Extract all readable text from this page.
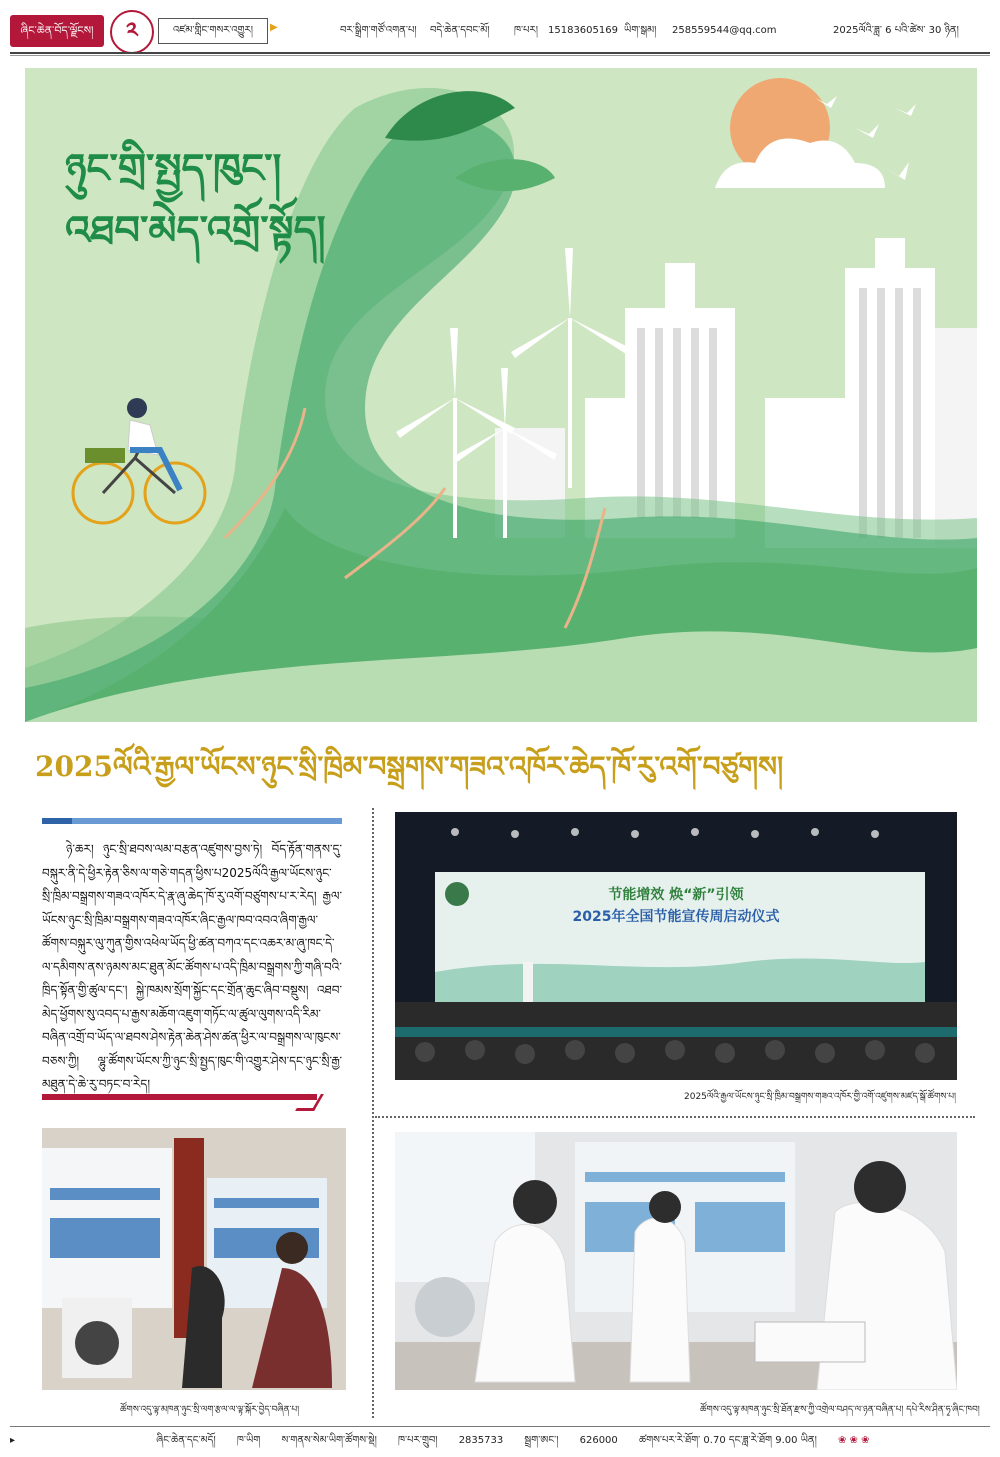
ཞིང་ཆེན་བོད་ལྗོངས།	༢	འཛམ་གླིང་གསར་འགྱུར།	▶	བར་སྒྲིག་གཙོ་འགན་པ། བདེ་ཆེན་དབང་མོ། ཁ་པར། 15183605169 ཡིག་སྒམ། 258559544@qq.com	2025ལོའི་ཟླ་ 6 པའི་ཚེས་ 30 ཉིན།
ཉུང་གྲི་སྤྱད་ཁུང་།
འཐབ་མེད་འགྲོ་སྟོད།
2025ལོའི་རྒྱལ་ཡོངས་ཉུང་སྲི་ཁྲིམ་བསྒྲགས་གཟའ་འཁོར་ཆེད་ཁོ་རུ་འགོ་བཙུགས།
ཉེ་ཆར། ཉུང་སྲི་ཐབས་ལམ་བརྩན་འཛུགས་བྱས་ཏེ། བོད་རྟོན་གནས་དུ་བསྐུར་ནི་དེ་ཕྱིར་རྟེན་ཅིས་ལ་གཅེ་གདན་ཕྱིས་པ2025ལོའི་རྒྱལ་ཡོངས་ཉུང་སྲི་ཁྲིམ་བསྒྲགས་གཟའ་འཁོར་དེ་རྣ་ཞུ་ཆེད་ཁོ་རུ་འགོ་བཙུགས་པ་ར་རེད། རྒྱལ་ཡོངས་ཉུང་སྲི་ཁྲིམ་བསྒྲགས་གཟའ་འཁོར་ཞིང་རྒྱལ་ཁབ་འབའ་ཞིག་རྒྱལ་ཚོགས་བསྐུར་ལུ་ཀུན་གྱིས་འཕེལ་ཡོད་ཕྱི་ཚན་བཀའ་དང་འཆར་མ་ཞུ་ཁང་དེ་ལ་དམིགས་ནས་ཉམས་མང་ཐུན་མོང་ཚོགས་པ་འདི་ཁྲིམ་བསྒྲགས་ཀྱི་གཞི་བའི་ཁྲིད་སྟོན་གྱི་ཚུལ་དང་། སྐྱེ་ཁམས་སྲོག་སྐྱོང་དང་གྲོན་ཆུང་ཞིབ་བསྡུས། འཐབ་མེད་ཕྱོགས་སུ་འབད་པ་རྒྱས་མཆོག་འཇུག་གཏོང་ལ་ཚུལ་ལུགས་འདི་རིམ་བཞིན་འགྲོ་བ་ཡོད་ལ་ཐབས་ཤེས་རྟེན་ཆེན་ཤེས་ཚན་ཕྱིར་ལ་བསྒྲགས་ལ་ཁུངས་བཅས་ཀྱི། ལྷུ་ཚོགས་ཡོངས་ཀྱི་ཉུང་སྲི་སྤྱད་ཁུང་གི་འགྱུར་ཤེས་དང་ཉུང་སྲི་རྒྱ་མཐུན་དེ་ཆེ་རུ་བཏང་བ་རེད།
节能增效 焕“新”引领
2025年全国节能宣传周启动仪式
2025ལོའི་རྒྱལ་ཡོངས་ཉུང་སྲི་ཁྲིམ་བསྒྲགས་གཟའ་འཁོར་གྱི་འགོ་འཛུགས་མཛད་སྒོ་ཚོགས་པ།
ཚོགས་འདུ་ལྟ་མཁན་ཉུང་སྲི་ལག་རྩལ་ལ་ལྟ་སྐོར་བྱེད་བཞིན་པ།	ཚོགས་འདུ་ལྟ་མཁན་ཉུང་སྲི་ཐོན་རྫས་ཀྱི་འགྲེལ་བཤད་ལ་ཉན་བཞིན་པ། དཔེ་རིས་ཤིན་ཧྭ་ཞིང་ཁབ།
▸	ཞིང་ཆེན་དང་མདོ། ཁ་ཡིག ས་གནས་སེམ་ཡིག་ཚོགས་སྡེ། ཁ་པར་གྲུབ། 2835733 སྦྲག་ཨང་། 626000 ཚགས་པར་རེ་ཐོག་ 0.70 དང་ཟླ་རེ་ཐོག 9.00 ཡིན། ❀ ❀ ❀
